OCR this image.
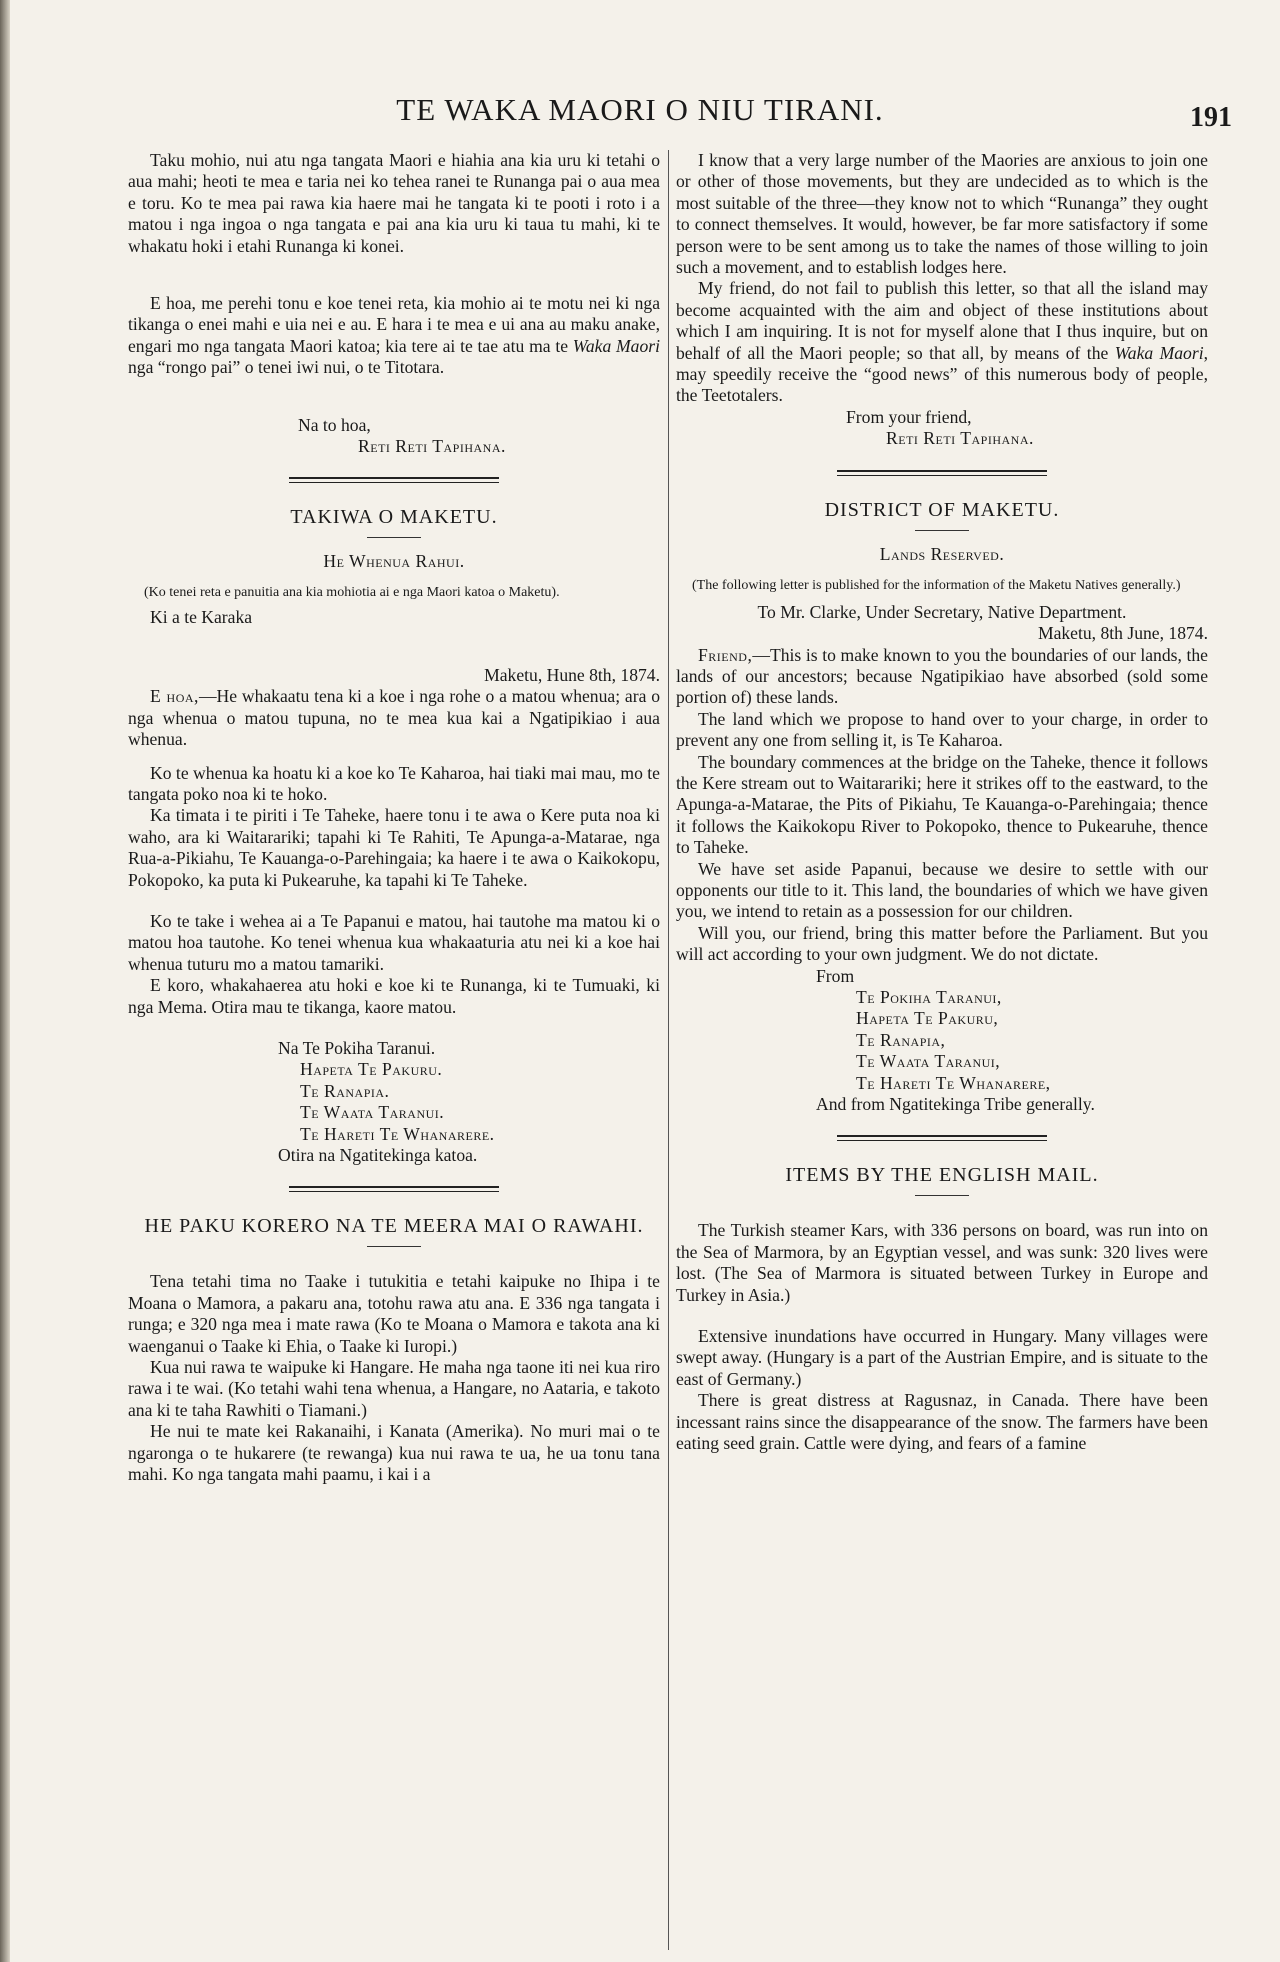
TE WAKA MAORI O NIU TIRANI.	191

Taku mohio, nui atu nga tangata Maori e hiahia ana kia uru ki tetahi o aua mahi; heoti te mea e taria nei ko tehea ranei te Runanga pai o aua mea e toru. Ko te mea pai rawa kia haere mai he tangata ki te pooti i roto i a matou i nga ingoa o nga tangata e pai ana kia uru ki taua tu mahi, ki te whakatu hoki i etahi Runanga ki konei.

E hoa, me perehi tonu e koe tenei reta, kia mohio ai te motu nei ki nga tikanga o enei mahi e uia nei e au. E hara i te mea e ui ana au maku anake, engari mo nga tangata Maori katoa; kia tere ai te tae atu ma te Waka Maori nga “rongo pai” o tenei iwi nui, o te Titotara.

Na to hoa,
Reti Reti Tapihana.
TAKIWA O MAKETU.
He Whenua Rahui.
(Ko tenei reta e panuitia ana kia mohiotia ai e nga Maori katoa o Maketu).

Ki a te Karaka

Maketu, Hune 8th, 1874.

E hoa,—He whakaatu tena ki a koe i nga rohe o a matou whenua; ara o nga whenua o matou tupuna, no te mea kua kai a Ngatipikiao i aua whenua.

Ko te whenua ka hoatu ki a koe ko Te Kaharoa, hai tiaki mai mau, mo te tangata poko noa ki te hoko.

Ka timata i te piriti i Te Taheke, haere tonu i te awa o Kere puta noa ki waho, ara ki Waitarariki; tapahi ki Te Rahiti, Te Apunga-a-Matarae, nga Rua-a-Pikiahu, Te Kauanga-o-Parehingaia; ka haere i te awa o Kaikokopu, Pokopoko, ka puta ki Pukearuhe, ka tapahi ki Te Taheke.

Ko te take i wehea ai a Te Papanui e matou, hai tautohe ma matou ki o matou hoa tautohe. Ko tenei whenua kua whakaaturia atu nei ki a koe hai whenua tuturu mo a matou tamariki.

E koro, whakahaerea atu hoki e koe ki te Runanga, ki te Tumuaki, ki nga Mema. Otira mau te tikanga, kaore matou.

Na Te Pokiha Taranui.
Hapeta Te Pakuru.
Te Ranapia.
Te Waata Taranui.
Te Hareti Te Whanarere.
Otira na Ngatitekinga katoa.
HE PAKU KORERO NA TE MEERA MAI O RAWAHI.

Tena tetahi tima no Taake i tutukitia e tetahi kaipuke no Ihipa i te Moana o Mamora, a pakaru ana, totohu rawa atu ana. E 336 nga tangata i runga; e 320 nga mea i mate rawa (Ko te Moana o Mamora e takota ana ki waenganui o Taake ki Ehia, o Taake ki Iuropi.)

Kua nui rawa te waipuke ki Hangare. He maha nga taone iti nei kua riro rawa i te wai. (Ko tetahi wahi tena whenua, a Hangare, no Aataria, e takoto ana ki te taha Rawhiti o Tiamani.)

He nui te mate kei Rakanaihi, i Kanata (Amerika). No muri mai o te ngaronga o te hukarere (te rewanga) kua nui rawa te ua, he ua tonu tana mahi. Ko nga tangata mahi paamu, i kai i a

I know that a very large number of the Maories are anxious to join one or other of those movements, but they are undecided as to which is the most suitable of the three—they know not to which “Runanga” they ought to connect themselves. It would, however, be far more satisfactory if some person were to be sent among us to take the names of those willing to join such a movement, and to establish lodges here.

My friend, do not fail to publish this letter, so that all the island may become acquainted with the aim and object of these institutions about which I am inquiring. It is not for myself alone that I thus inquire, but on behalf of all the Maori people; so that all, by means of the Waka Maori, may speedily receive the “good news” of this numerous body of people, the Teetotalers.

From your friend,
Reti Reti Tapihana.
DISTRICT OF MAKETU.
Lands Reserved.
(The following letter is published for the information of the Maketu Natives generally.)

To Mr. Clarke, Under Secretary, Native Department.

Maketu, 8th June, 1874.

Friend,—This is to make known to you the boundaries of our lands, the lands of our ancestors; because Ngatipikiao have absorbed (sold some portion of) these lands.

The land which we propose to hand over to your charge, in order to prevent any one from selling it, is Te Kaharoa.

The boundary commences at the bridge on the Taheke, thence it follows the Kere stream out to Waitarariki; here it strikes off to the eastward, to the Apunga-a-Matarae, the Pits of Pikiahu, Te Kauanga-o-Parehingaia; thence it follows the Kaikokopu River to Pokopoko, thence to Pukearuhe, thence to Taheke.

We have set aside Papanui, because we desire to settle with our opponents our title to it. This land, the boundaries of which we have given you, we intend to retain as a possession for our children.

Will you, our friend, bring this matter before the Parliament. But you will act according to your own judgment. We do not dictate.

From
Te Pokiha Taranui,
Hapeta Te Pakuru,
Te Ranapia,
Te Waata Taranui,
Te Hareti Te Whanarere,
And from Ngatitekinga Tribe generally.
ITEMS BY THE ENGLISH MAIL.

The Turkish steamer Kars, with 336 persons on board, was run into on the Sea of Marmora, by an Egyptian vessel, and was sunk: 320 lives were lost. (The Sea of Marmora is situated between Turkey in Europe and Turkey in Asia.)

Extensive inundations have occurred in Hungary. Many villages were swept away. (Hungary is a part of the Austrian Empire, and is situate to the east of Germany.)

There is great distress at Ragusnaz, in Canada. There have been incessant rains since the disappearance of the snow. The farmers have been eating seed grain. Cattle were dying, and fears of a famine
